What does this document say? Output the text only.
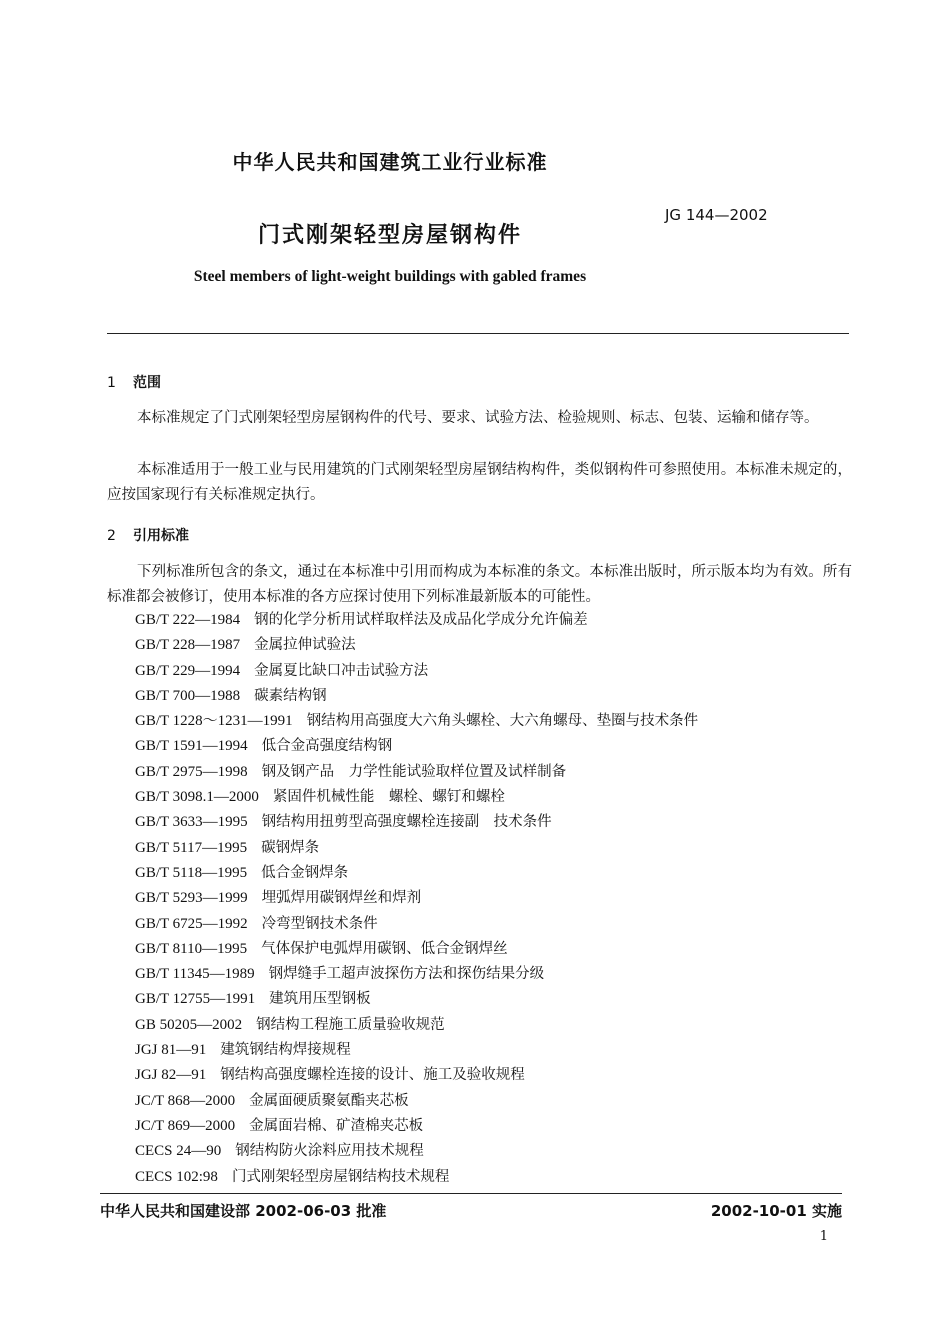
中华人民共和国建筑工业行业标准
JG 144—2002
门式刚架轻型房屋钢构件
Steel members of light-weight buildings with gabled frames
1 范围
本标准规定了门式刚架轻型房屋钢构件的代号、要求、试验方法、检验规则、标志、包装、运输和储存等。
本标准适用于一般工业与民用建筑的门式刚架轻型房屋钢结构构件，类似钢构件可参照使用。本标准未规定的，应按国家现行有关标准规定执行。
2 引用标准
下列标准所包含的条文，通过在本标准中引用而构成为本标准的条文。本标准出版时，所示版本均为有效。所有标准都会被修订，使用本标准的各方应探讨使用下列标准最新版本的可能性。
GB/T 222—1984 钢的化学分析用试样取样法及成品化学成分允许偏差
GB/T 228—1987 金属拉伸试验法
GB/T 229—1994 金属夏比缺口冲击试验方法
GB/T 700—1988 碳素结构钢
GB/T 1228～1231—1991 钢结构用高强度大六角头螺栓、大六角螺母、垫圈与技术条件
GB/T 1591—1994 低合金高强度结构钢
GB/T 2975—1998 钢及钢产品　力学性能试验取样位置及试样制备
GB/T 3098.1—2000 紧固件机械性能　螺栓、螺钉和螺栓
GB/T 3633—1995 钢结构用扭剪型高强度螺栓连接副　技术条件
GB/T 5117—1995 碳钢焊条
GB/T 5118—1995 低合金钢焊条
GB/T 5293—1999 埋弧焊用碳钢焊丝和焊剂
GB/T 6725—1992 冷弯型钢技术条件
GB/T 8110—1995 气体保护电弧焊用碳钢、低合金钢焊丝
GB/T 11345—1989 钢焊缝手工超声波探伤方法和探伤结果分级
GB/T 12755—1991 建筑用压型钢板
GB 50205—2002 钢结构工程施工质量验收规范
JGJ 81—91 建筑钢结构焊接规程
JGJ 82—91 钢结构高强度螺栓连接的设计、施工及验收规程
JC/T 868—2000 金属面硬质聚氨酯夹芯板
JC/T 869—2000 金属面岩棉、矿渣棉夹芯板
CECS 24—90 钢结构防火涂料应用技术规程
CECS 102:98 门式刚架轻型房屋钢结构技术规程
中华人民共和国建设部 2002-06-03 批准	2002-10-01 实施
1
